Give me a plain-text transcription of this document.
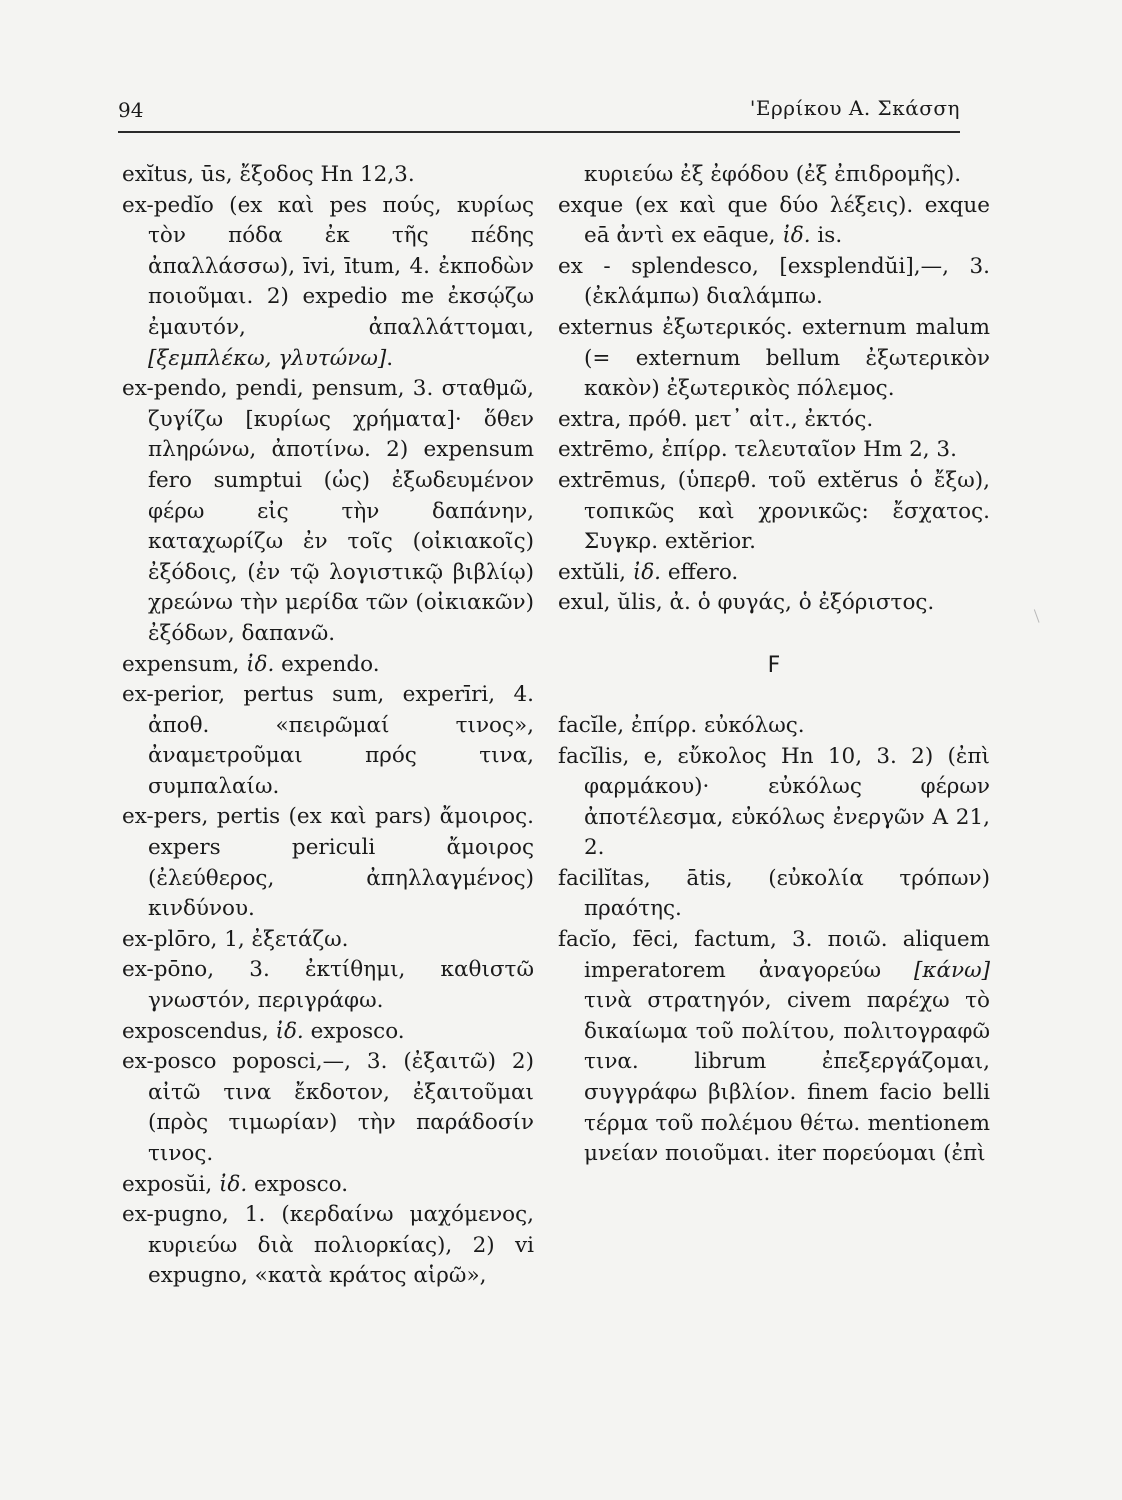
94	'Ερρίκου Α. Σκάσση

exĭtus, ūs, ἔξοδος Hn 12,3.

ex-pedĭo (ex καὶ pes πούς, κυρίως τὸν πόδα ἐκ τῆς πέδης ἀπαλλάσσω), īvi, ītum, 4. ἐκποδὼν ποιοῦμαι. 2) expedio me ἐκσῴζω ἐμαυτόν, ἀπαλλάττομαι, [ξεμπλέκω, γλυτώνω].

ex-pendo, pendi, pensum, 3. σταθμῶ, ζυγίζω [κυρίως χρήματα]· ὅθεν πληρώνω, ἀποτίνω. 2) expensum fero sumptui (ὡς) ἐξωδευμένον φέρω εἰς τὴν δαπάνην, καταχωρίζω ἐν τοῖς (οἰκιακοῖς) ἐξόδοις, (ἐν τῷ λογιστικῷ βιβλίῳ) χρεώνω τὴν μερίδα τῶν (οἰκιακῶν) ἐξόδων, δαπανῶ.

expensum, ἰδ. expendo.

ex-perior, pertus sum, experīri, 4. ἀποθ. «πειρῶμαί τινος», ἀναμετροῦμαι πρός τινα, συμπαλαίω.

ex-pers, pertis (ex καὶ pars) ἄμοιρος. expers periculi ἄμοιρος (ἐλεύθερος, ἀπηλλαγμένος) κινδύνου.

ex-plōro, 1, ἐξετάζω.

ex-pōno, 3. ἐκτίθημι, καθιστῶ γνωστόν, περιγράφω.

exposcendus, ἰδ. exposco.

ex-posco poposci,—, 3. (ἐξαιτῶ) 2) αἰτῶ τινα ἔκδοτον, ἐξαιτοῦμαι (πρὸς τιμωρίαν) τὴν παράδοσίν τινος.

exposŭi, ἰδ. exposco.

ex-pugno, 1. (κερδαίνω μαχόμενος, κυριεύω διὰ πολιορκίας), 2) vi expugno, «κατὰ κράτος αἱρῶ»,

κυριεύω ἐξ ἐφόδου (ἐξ ἐπιδρομῆς).

exque (ex καὶ que δύο λέξεις). exque eā ἀντὶ ex eāque, ἰδ. is.

ex - splendesco, [exsplendŭi],—, 3. (ἐκλάμπω) διαλάμπω.

externus ἐξωτερικός. externum malum (= externum bellum ἐξωτερικὸν κακὸν) ἐξωτερικὸς πόλεμος.

extra, πρόθ. μετ᾽ αἰτ., ἐκτός.

extrēmo, ἐπίρρ. τελευταῖον Hm 2, 3.

extrēmus, (ὑπερθ. τοῦ extĕrus ὁ ἔξω), τοπικῶς καὶ χρονικῶς: ἔσχατος. Συγκρ. extĕrior.

extŭli, ἰδ. effero.

exul, ŭlis, ἀ. ὁ φυγάς, ὁ ἐξόριστος.

F

facĭle, ἐπίρρ. εὐκόλως.

facĭlis, e, εὔκολος Hn 10, 3. 2) (ἐπὶ φαρμάκου)· εὐκόλως φέρων ἀποτέλεσμα, εὐκόλως ἐνεργῶν A 21, 2.

facilĭtas, ātis, (εὐκολία τρόπων) πραότης.

facĭo, fēci, factum, 3. ποιῶ. aliquem imperatorem ἀναγορεύω [κάνω] τινὰ στρατηγόν, civem παρέχω τὸ δικαίωμα τοῦ πολίτου, πολιτογραφῶ τινα. librum ἐπεξεργάζομαι, συγγράφω βιβλίον. finem facio belli τέρμα τοῦ πολέμου θέτω. mentionem μνείαν ποιοῦμαι. iter πορεύομαι (ἐπὶ
